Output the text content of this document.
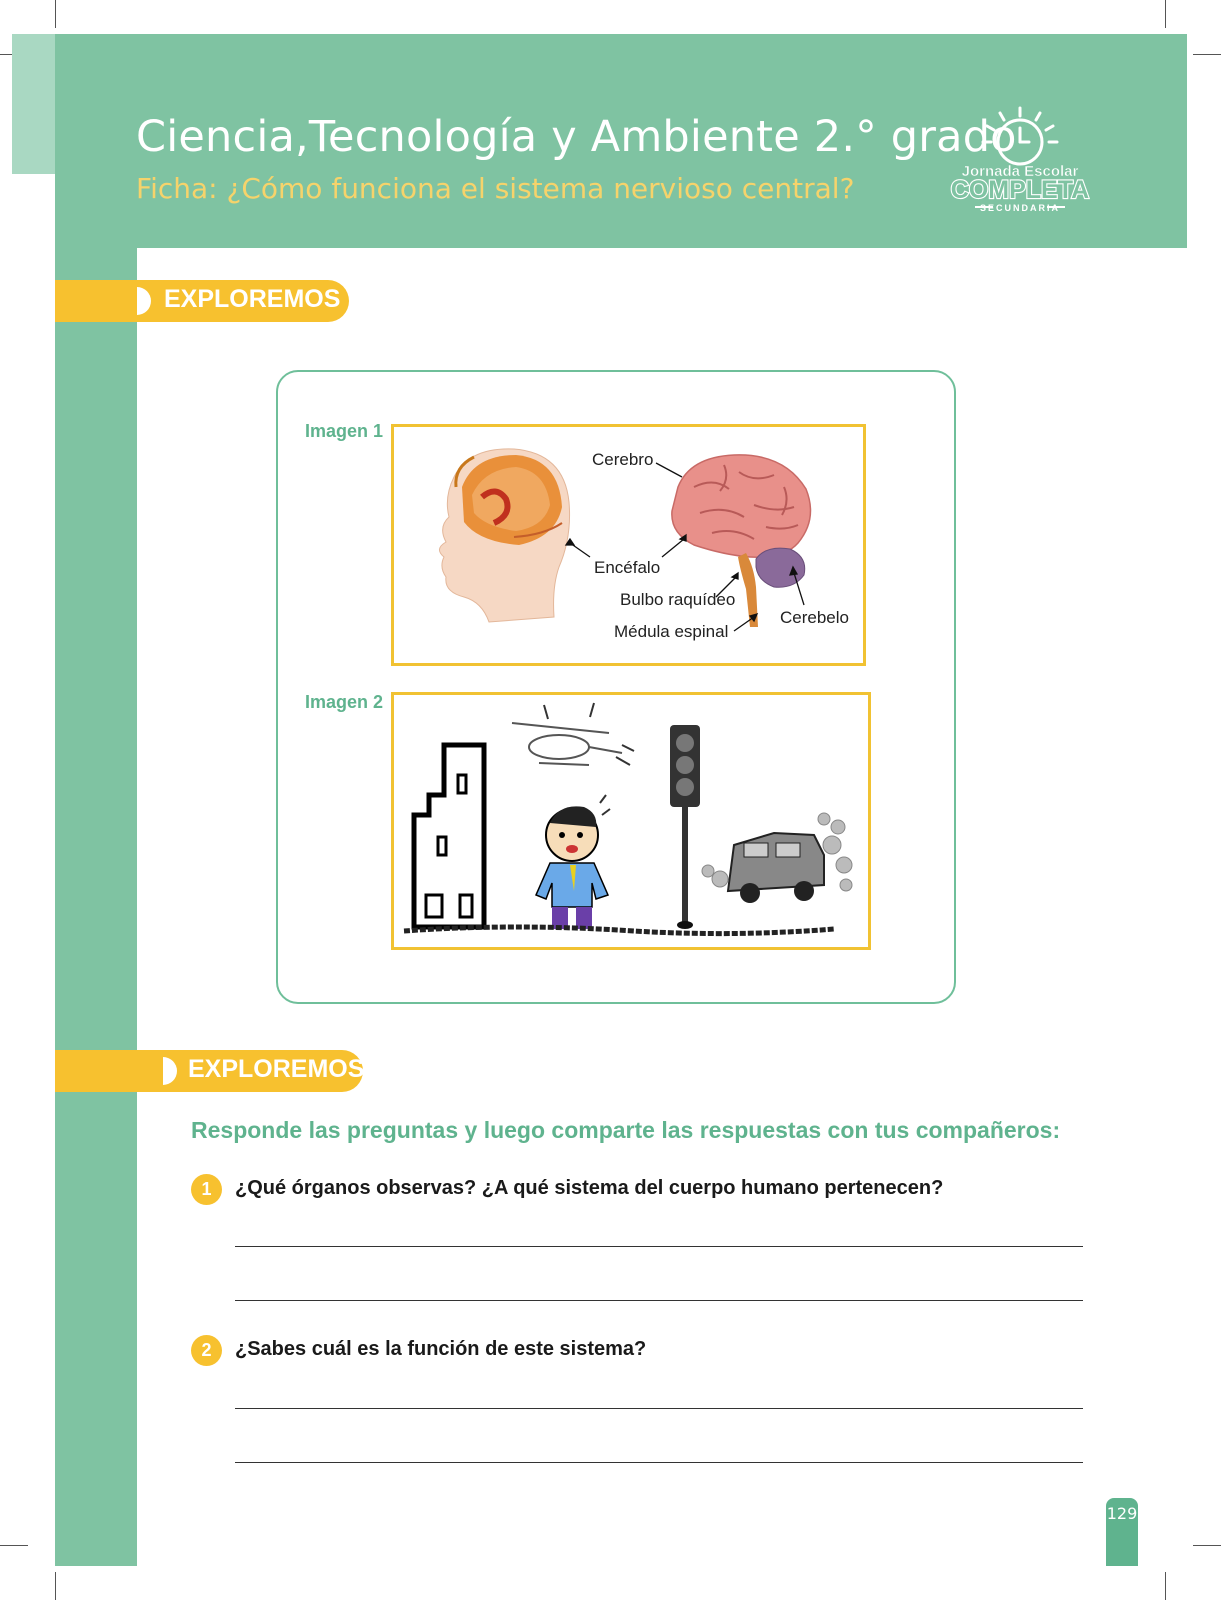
Ciencia,Tecnología y Ambiente 2.° grado
Ficha: ¿Cómo funciona el sistema nervioso central?
Jornada Escolar
COMPLETA
SECUNDARIA
EXPLOREMOS
Imagen 1
Imagen 2
Cerebro
Encéfalo
Bulbo raquídeo
Cerebelo
Médula espinal
EXPLOREMOS
Responde las preguntas y luego comparte las respuestas con tus compañeros:
1	¿Qué órganos observas? ¿A qué sistema del cuerpo humano pertenecen?
2	¿Sabes cuál es la función de este sistema?
129
